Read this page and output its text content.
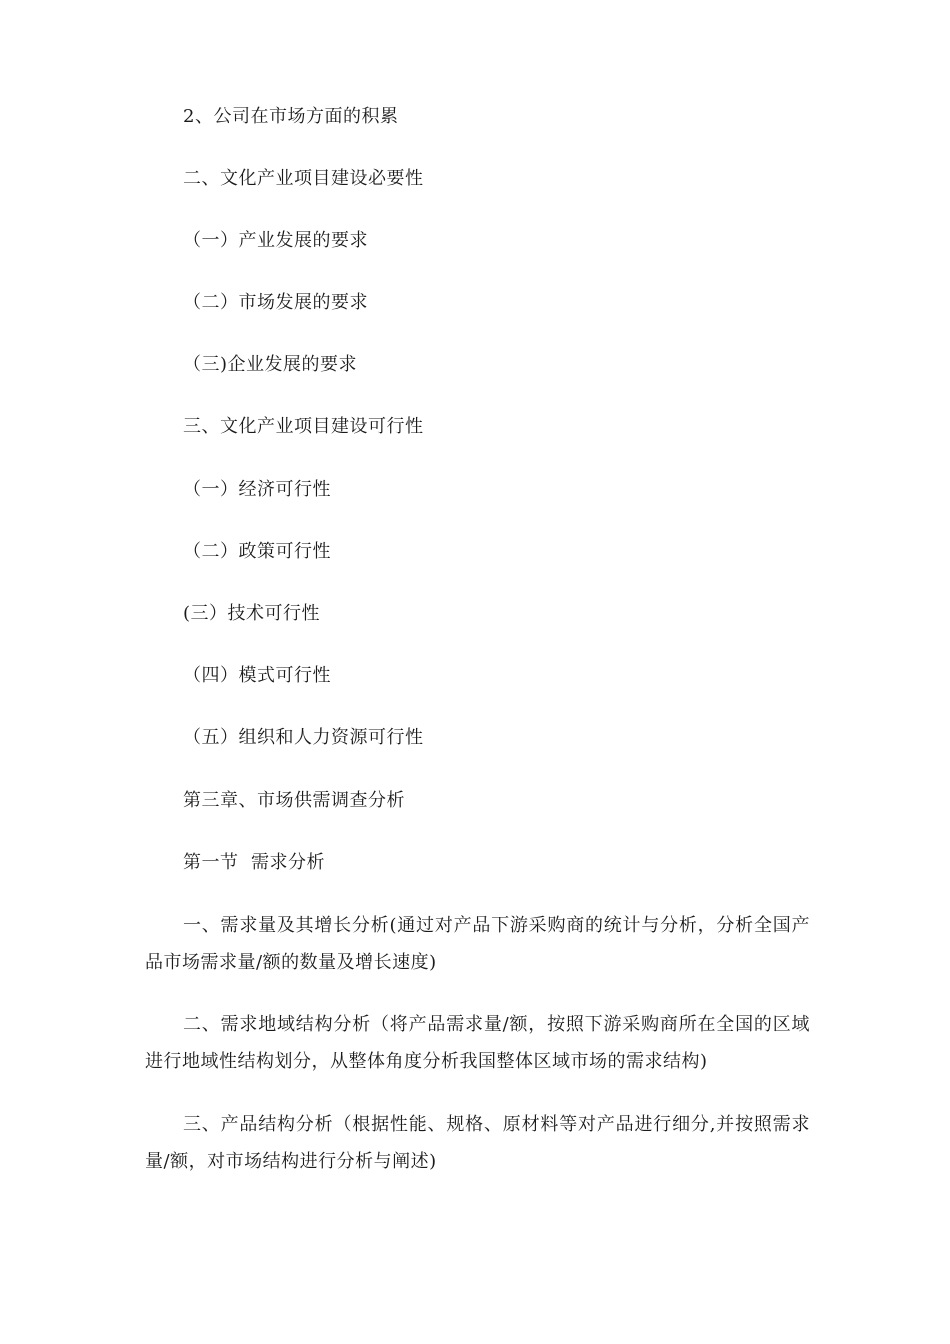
2、公司在市场方面的积累
二、文化产业项目建设必要性
（一）产业发展的要求
（二）市场发展的要求
（三)企业发展的要求
三、文化产业项目建设可行性
（一）经济可行性
（二）政策可行性
(三）技术可行性
（四）模式可行性
（五）组织和人力资源可行性
第三章、市场供需调查分析
第一节  需求分析
一、需求量及其增长分析(通过对产品下游采购商的统计与分析，分析全国产品市场需求量/额的数量及增长速度)
二、需求地域结构分析（将产品需求量/额，按照下游采购商所在全国的区域进行地域性结构划分，从整体角度分析我国整体区域市场的需求结构)
三、产品结构分析（根据性能、规格、原材料等对产品进行细分,并按照需求量/额，对市场结构进行分析与阐述)
